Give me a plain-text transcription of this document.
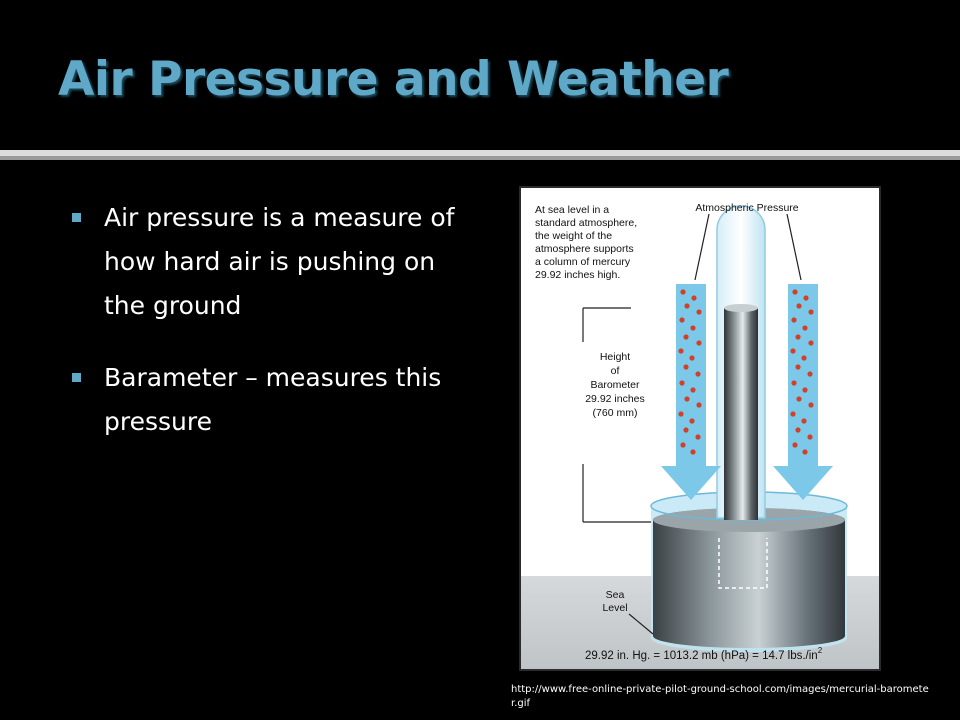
Air Pressure and Weather
Air pressure is a measure of how hard air is pushing on the ground
Barameter – measures this pressure
Atmospheric Pressure
At sea level in a
standard atmosphere,
the weight of the
atmosphere supports
a column of mercury
29.92 inches high.
Height
of
Barometer
29.92 inches
(760 mm)
Sea
Level
29.92 in. Hg. = 1013.2 mb (hPa) = 14.7 $lbs./in^2$
http://www.free-online-private-pilot-ground-school.com/images/mercurial-barometer.gif
